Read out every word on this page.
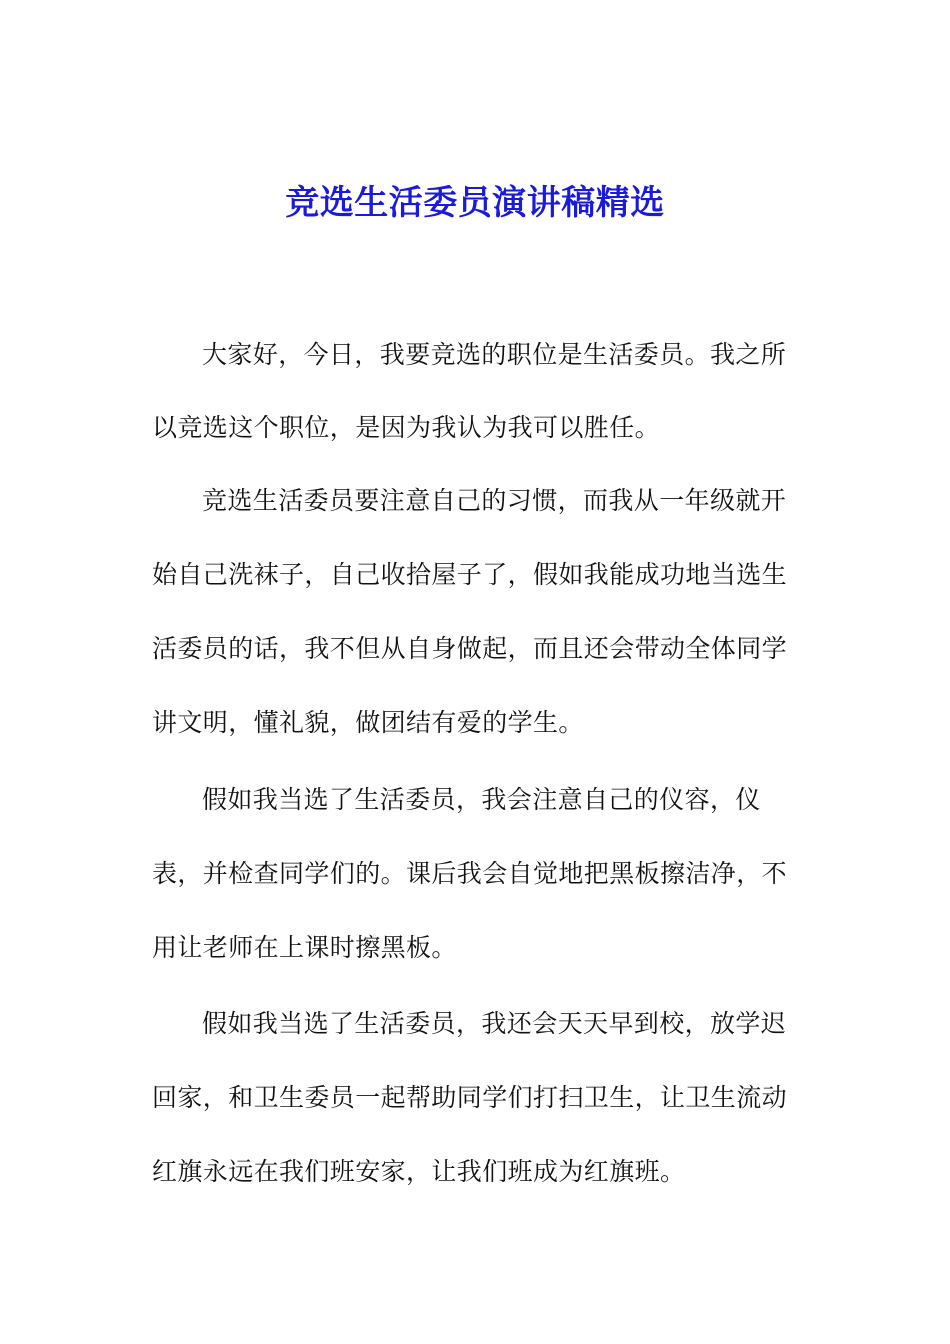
竞选生活委员演讲稿精选
大家好，今日，我要竞选的职位是生活委员。我之所
以竞选这个职位，是因为我认为我可以胜任。
竞选生活委员要注意自己的习惯，而我从一年级就开
始自己洗袜子，自己收拾屋子了，假如我能成功地当选生
活委员的话，我不但从自身做起，而且还会带动全体同学
讲文明，懂礼貌，做团结有爱的学生。
假如我当选了生活委员，我会注意自己的仪容，仪
表，并检查同学们的。课后我会自觉地把黑板擦洁净，不
用让老师在上课时擦黑板。
假如我当选了生活委员，我还会天天早到校，放学迟
回家，和卫生委员一起帮助同学们打扫卫生，让卫生流动
红旗永远在我们班安家，让我们班成为红旗班。
